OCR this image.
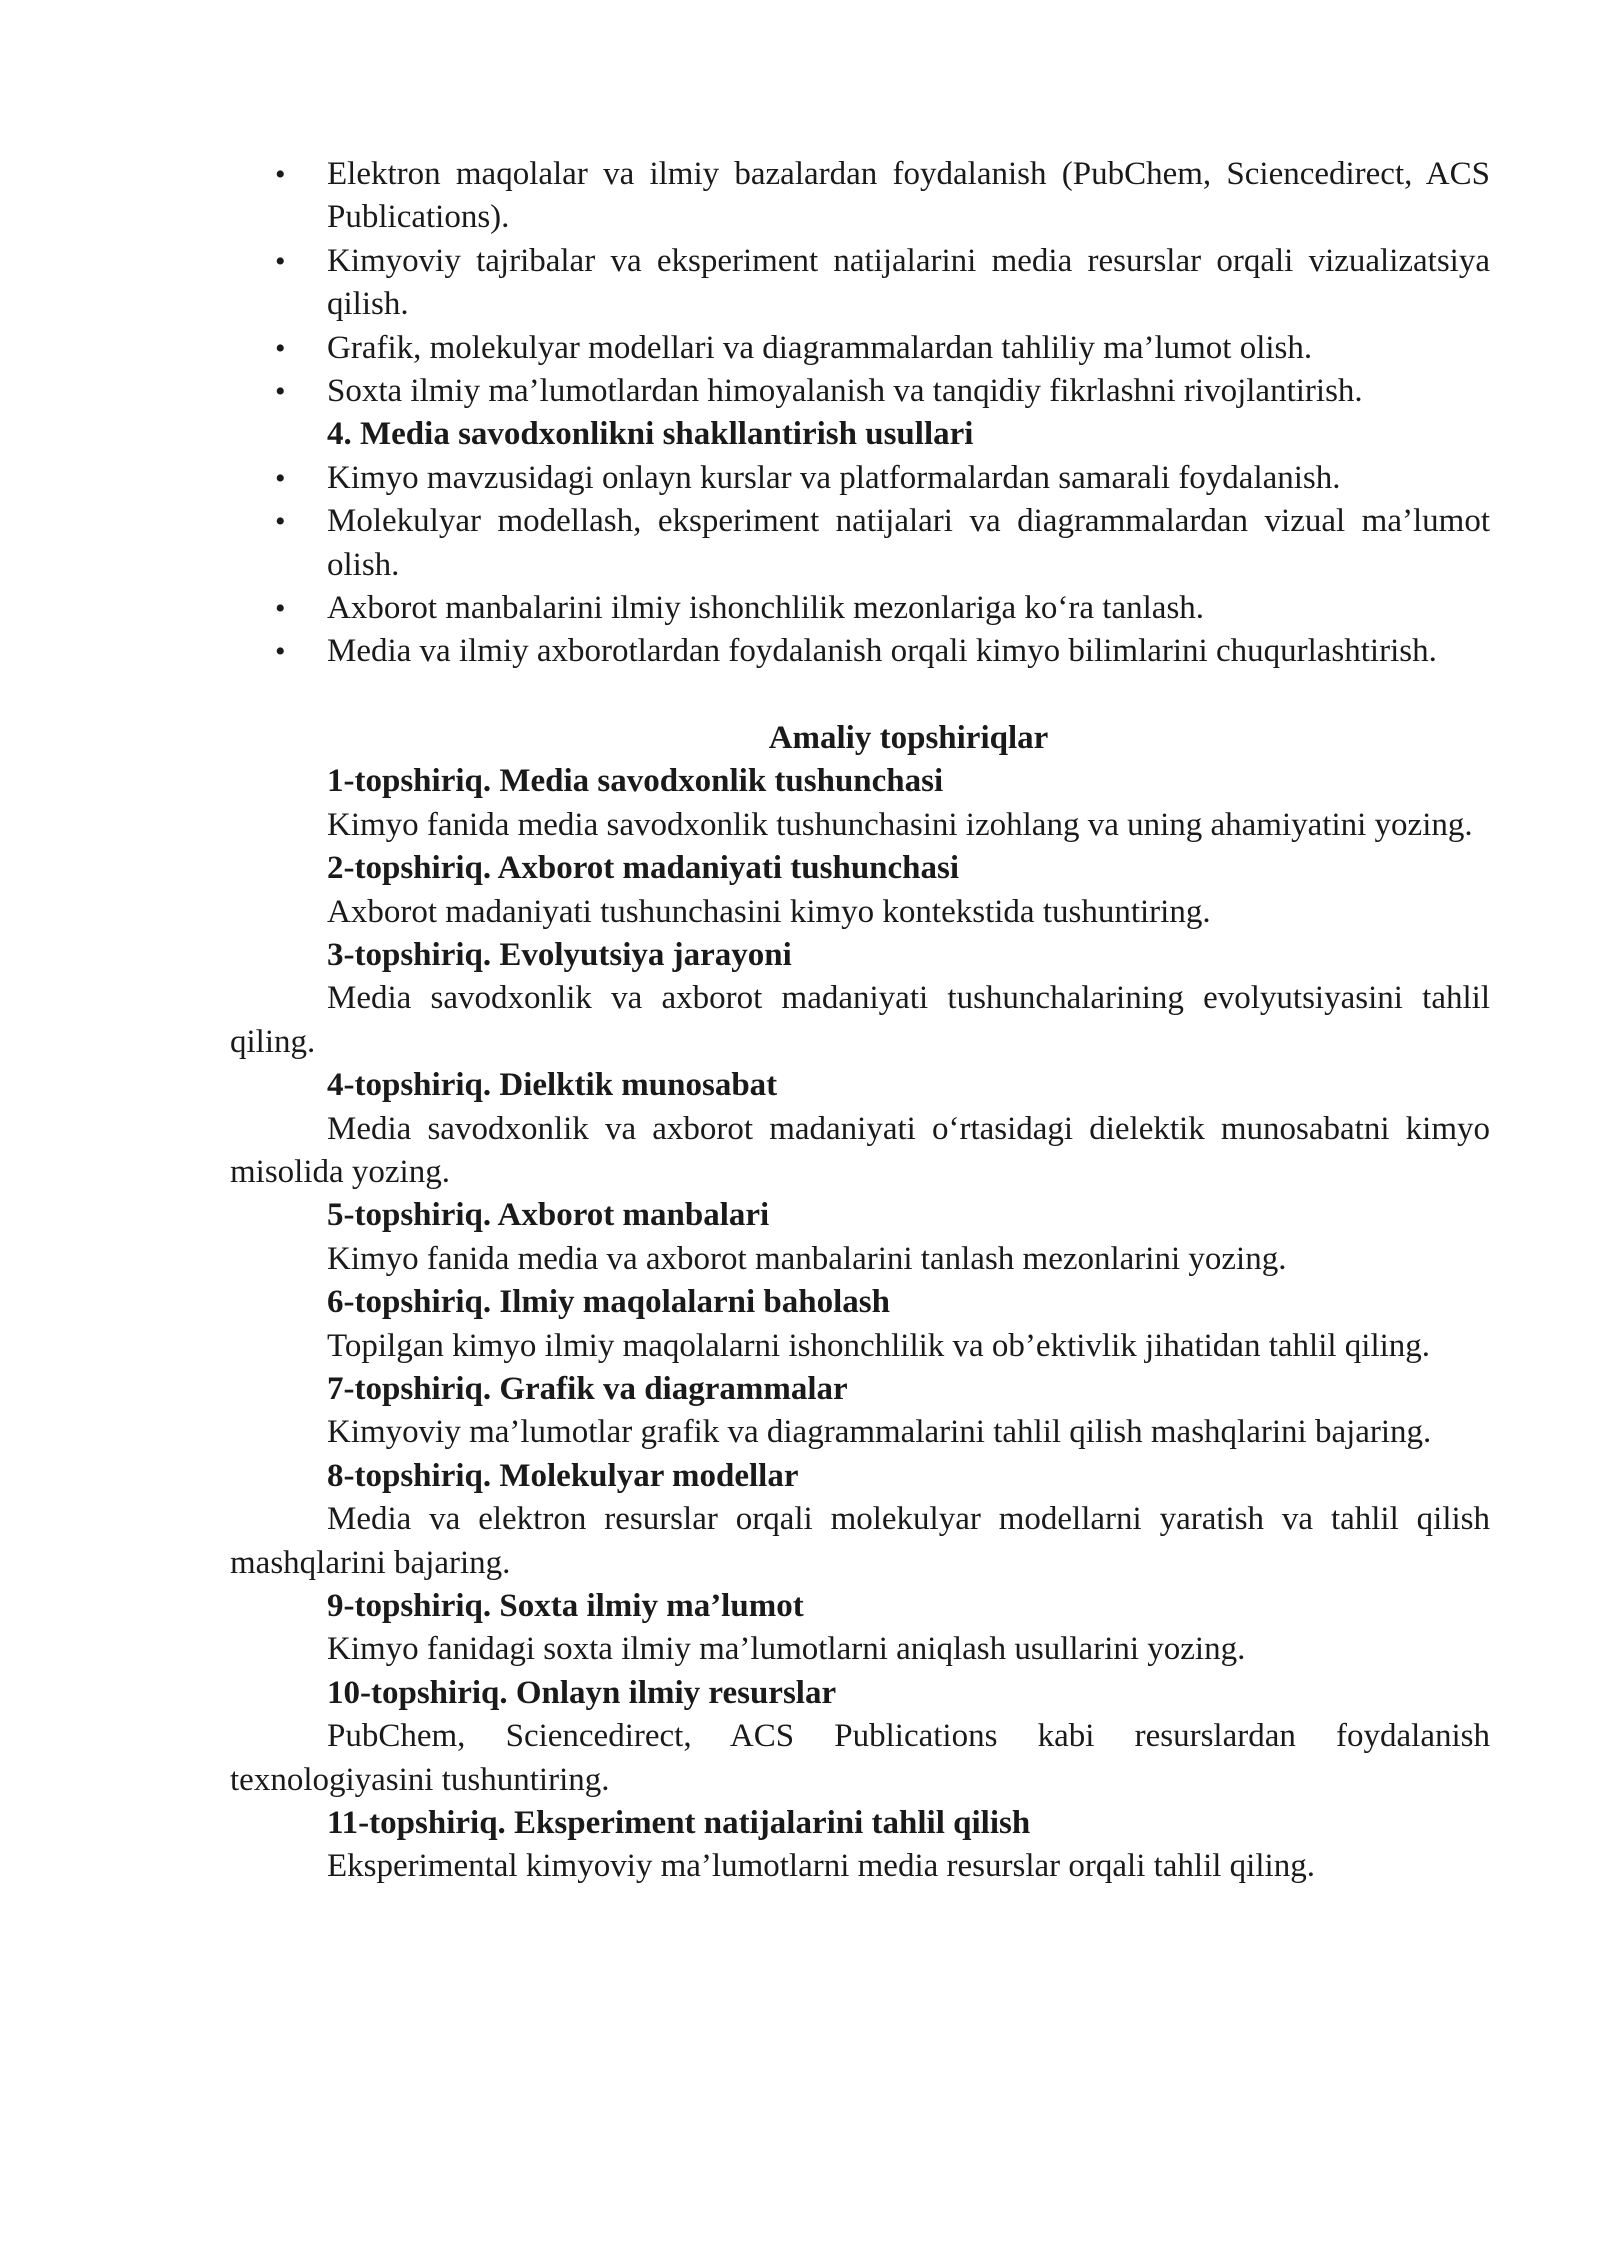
• Elektron maqolalar va ilmiy bazalardan foydalanish (PubChem, Sciencedirect, ACS Publications).
• Kimyoviy tajribalar va eksperiment natijalarini media resurslar orqali vizualizatsiya qilish.
• Grafik, molekulyar modellari va diagrammalardan tahliliy ma’lumot olish.
• Soxta ilmiy ma’lumotlardan himoyalanish va tanqidiy fikrlashni rivojlantirish.
4. Media savodxonlikni shakllantirish usullari
• Kimyo mavzusidagi onlayn kurslar va platformalardan samarali foydalanish.
• Molekulyar modellash, eksperiment natijalari va diagrammalardan vizual ma’lumot olish.
• Axborot manbalarini ilmiy ishonchlilik mezonlariga ko‘ra tanlash.
• Media va ilmiy axborotlardan foydalanish orqali kimyo bilimlarini chuqurlashtirish.
Amaliy topshiriqlar
1-topshiriq. Media savodxonlik tushunchasi
Kimyo fanida media savodxonlik tushunchasini izohlang va uning ahamiyatini yozing.
2-topshiriq. Axborot madaniyati tushunchasi
Axborot madaniyati tushunchasini kimyo kontekstida tushuntiring.
3-topshiriq. Evolyutsiya jarayoni
Media savodxonlik va axborot madaniyati tushunchalarining evolyutsiyasini tahlil qiling.
4-topshiriq. Dielktik munosabat
Media savodxonlik va axborot madaniyati o‘rtasidagi dielektik munosabatni kimyo misolida yozing.
5-topshiriq. Axborot manbalari
Kimyo fanida media va axborot manbalarini tanlash mezonlarini yozing.
6-topshiriq. Ilmiy maqolalarni baholash
Topilgan kimyo ilmiy maqolalarni ishonchlilik va ob’ektivlik jihatidan tahlil qiling.
7-topshiriq. Grafik va diagrammalar
Kimyoviy ma’lumotlar grafik va diagrammalarini tahlil qilish mashqlarini bajaring.
8-topshiriq. Molekulyar modellar
Media va elektron resurslar orqali molekulyar modellarni yaratish va tahlil qilish mashqlarini bajaring.
9-topshiriq. Soxta ilmiy ma’lumot
Kimyo fanidagi soxta ilmiy ma’lumotlarni aniqlash usullarini yozing.
10-topshiriq. Onlayn ilmiy resurslar
PubChem, Sciencedirect, ACS Publications kabi resurslardan foydalanish texnologiyasini tushuntiring.
11-topshiriq. Eksperiment natijalarini tahlil qilish
Eksperimental kimyoviy ma’lumotlarni media resurslar orqali tahlil qiling.
